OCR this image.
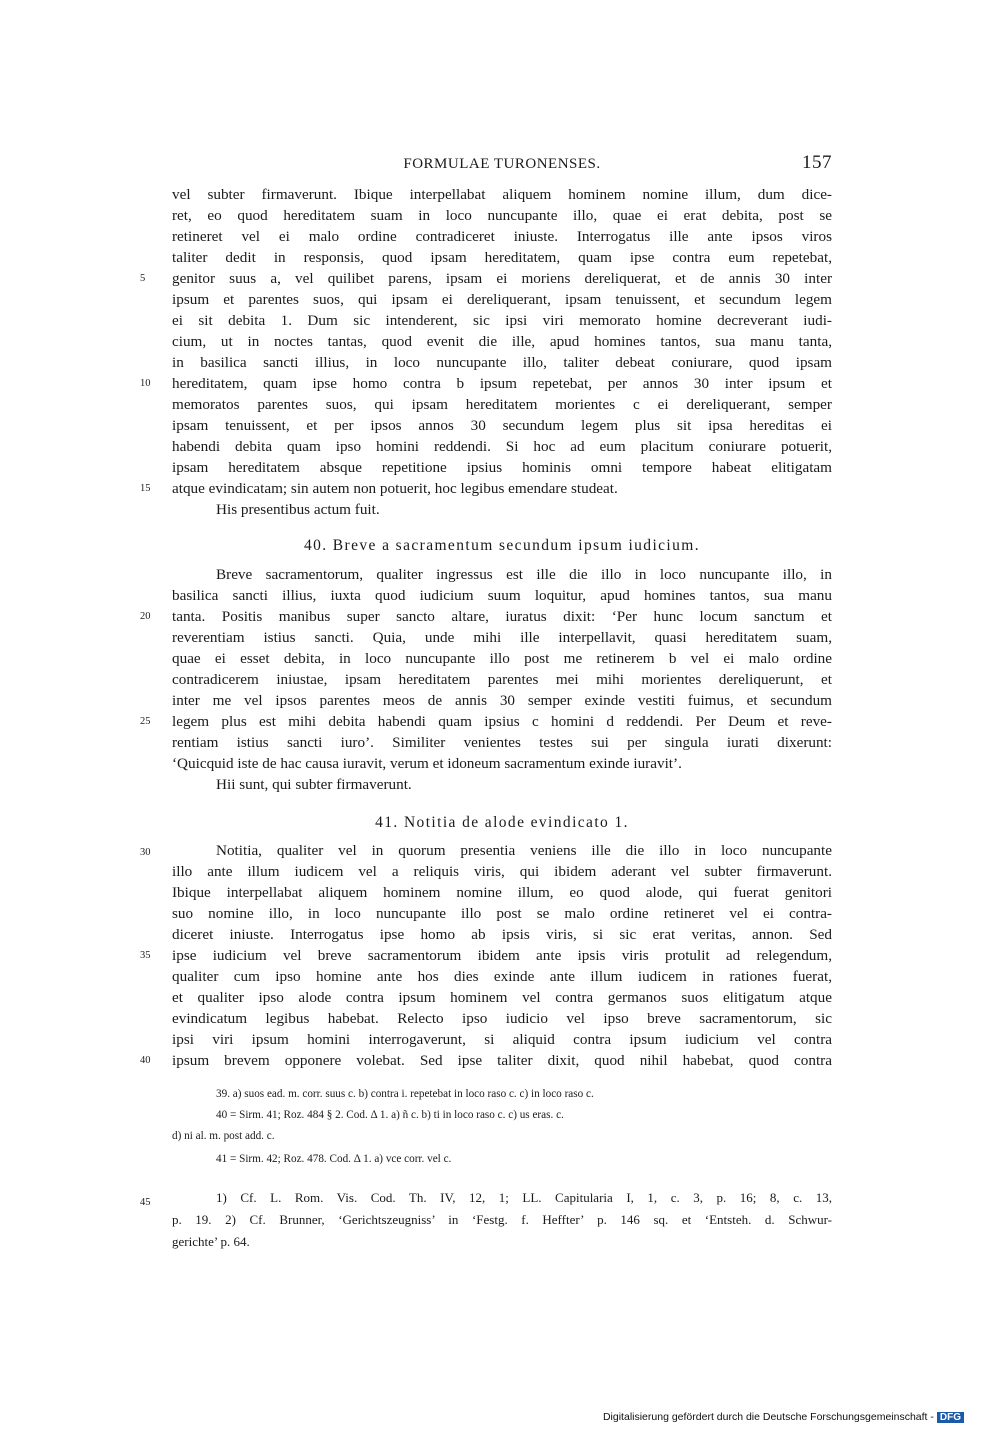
FORMULAE TURONENSES.	157
vel subter firmaverunt. Ibique interpellabat aliquem hominem nomine illum, dum dice-
ret, eo quod hereditatem suam in loco nuncupante illo, quae ei erat debita, post se
retineret vel ei malo ordine contradiceret iniuste. Interrogatus ille ante ipsos viros
taliter dedit in responsis, quod ipsam hereditatem, quam ipse contra eum repetebat,
5	genitor suus a, vel quilibet parens, ipsam ei moriens dereliquerat, et de annis 30 inter
ipsum et parentes suos, qui ipsam ei dereliquerant, ipsam tenuissent, et secundum legem
ei sit debita 1. Dum sic intenderent, sic ipsi viri memorato homine decreverant iudi-
cium, ut in noctes tantas, quod evenit die ille, apud homines tantos, sua manu tanta,
in basilica sancti illius, in loco nuncupante illo, taliter debeat coniurare, quod ipsam
10	hereditatem, quam ipse homo contra b ipsum repetebat, per annos 30 inter ipsum et
memoratos parentes suos, qui ipsam hereditatem morientes c ei dereliquerant, semper
ipsam tenuissent, et per ipsos annos 30 secundum legem plus sit ipsa hereditas ei
habendi debita quam ipso homini reddendi. Si hoc ad eum placitum coniurare potuerit,
ipsam hereditatem absque repetitione ipsius hominis omni tempore habeat elitigatam
15	atque evindicatam; sin autem non potuerit, hoc legibus emendare studeat.
His presentibus actum fuit.
40. Breve a sacramentum secundum ipsum iudicium.
Breve sacramentorum, qualiter ingressus est ille die illo in loco nuncupante illo, in
basilica sancti illius, iuxta quod iudicium suum loquitur, apud homines tantos, sua manu
20	tanta. Positis manibus super sancto altare, iuratus dixit: ‘Per hunc locum sanctum et
reverentiam istius sancti. Quia, unde mihi ille interpellavit, quasi hereditatem suam,
quae ei esset debita, in loco nuncupante illo post me retinerem b vel ei malo ordine
contradicerem iniustae, ipsam hereditatem parentes mei mihi morientes dereliquerunt, et
inter me vel ipsos parentes meos de annis 30 semper exinde vestiti fuimus, et secundum
25	legem plus est mihi debita habendi quam ipsius c homini d reddendi. Per Deum et reve-
rentiam istius sancti iuro’. Similiter venientes testes sui per singula iurati dixerunt:
‘Quicquid iste de hac causa iuravit, verum et idoneum sacramentum exinde iuravit’.
Hii sunt, qui subter firmaverunt.
41. Notitia de alode evindicato 1.
30	Notitia, qualiter vel in quorum presentia veniens ille die illo in loco nuncupante
illo ante illum iudicem vel a reliquis viris, qui ibidem aderant vel subter firmaverunt.
Ibique interpellabat aliquem hominem nomine illum, eo quod alode, qui fuerat genitori
suo nomine illo, in loco nuncupante illo post se malo ordine retineret vel ei contra-
diceret iniuste. Interrogatus ipse homo ab ipsis viris, si sic erat veritas, annon. Sed
35	ipse iudicium vel breve sacramentorum ibidem ante ipsis viris protulit ad relegendum,
qualiter cum ipso homine ante hos dies exinde ante illum iudicem in rationes fuerat,
et qualiter ipso alode contra ipsum hominem vel contra germanos suos elitigatum atque
evindicatum legibus habebat. Relecto ipso iudicio vel ipso breve sacramentorum, sic
ipsi viri ipsum homini interrogaverunt, si aliquid contra ipsum iudicium vel contra
40	ipsum brevem opponere volebat. Sed ipse taliter dixit, quod nihil habebat, quod contra
39. a) suos ead. m. corr. suus c. b) contra i. repetebat in loco raso c. c) in loco raso c.
40 = Sirm. 41; Roz. 484 § 2. Cod. Δ 1. a) ñ c. b) ti in loco raso c. c) us eras. c.
d) ni al. m. post add. c.
41 = Sirm. 42; Roz. 478. Cod. Δ 1. a) vce corr. vel c.
45	1) Cf. L. Rom. Vis. Cod. Th. IV, 12, 1; LL. Capitularia I, 1, c. 3, p. 16; 8, c. 13,
p. 19. 2) Cf. Brunner, ‘Gerichtszeugniss’ in ‘Festg. f. Heffter’ p. 146 sq. et ‘Entsteh. d. Schwur-
gerichte’ p. 64.
Digitalisierung gefördert durch die Deutsche Forschungsgemeinschaft - DFG
